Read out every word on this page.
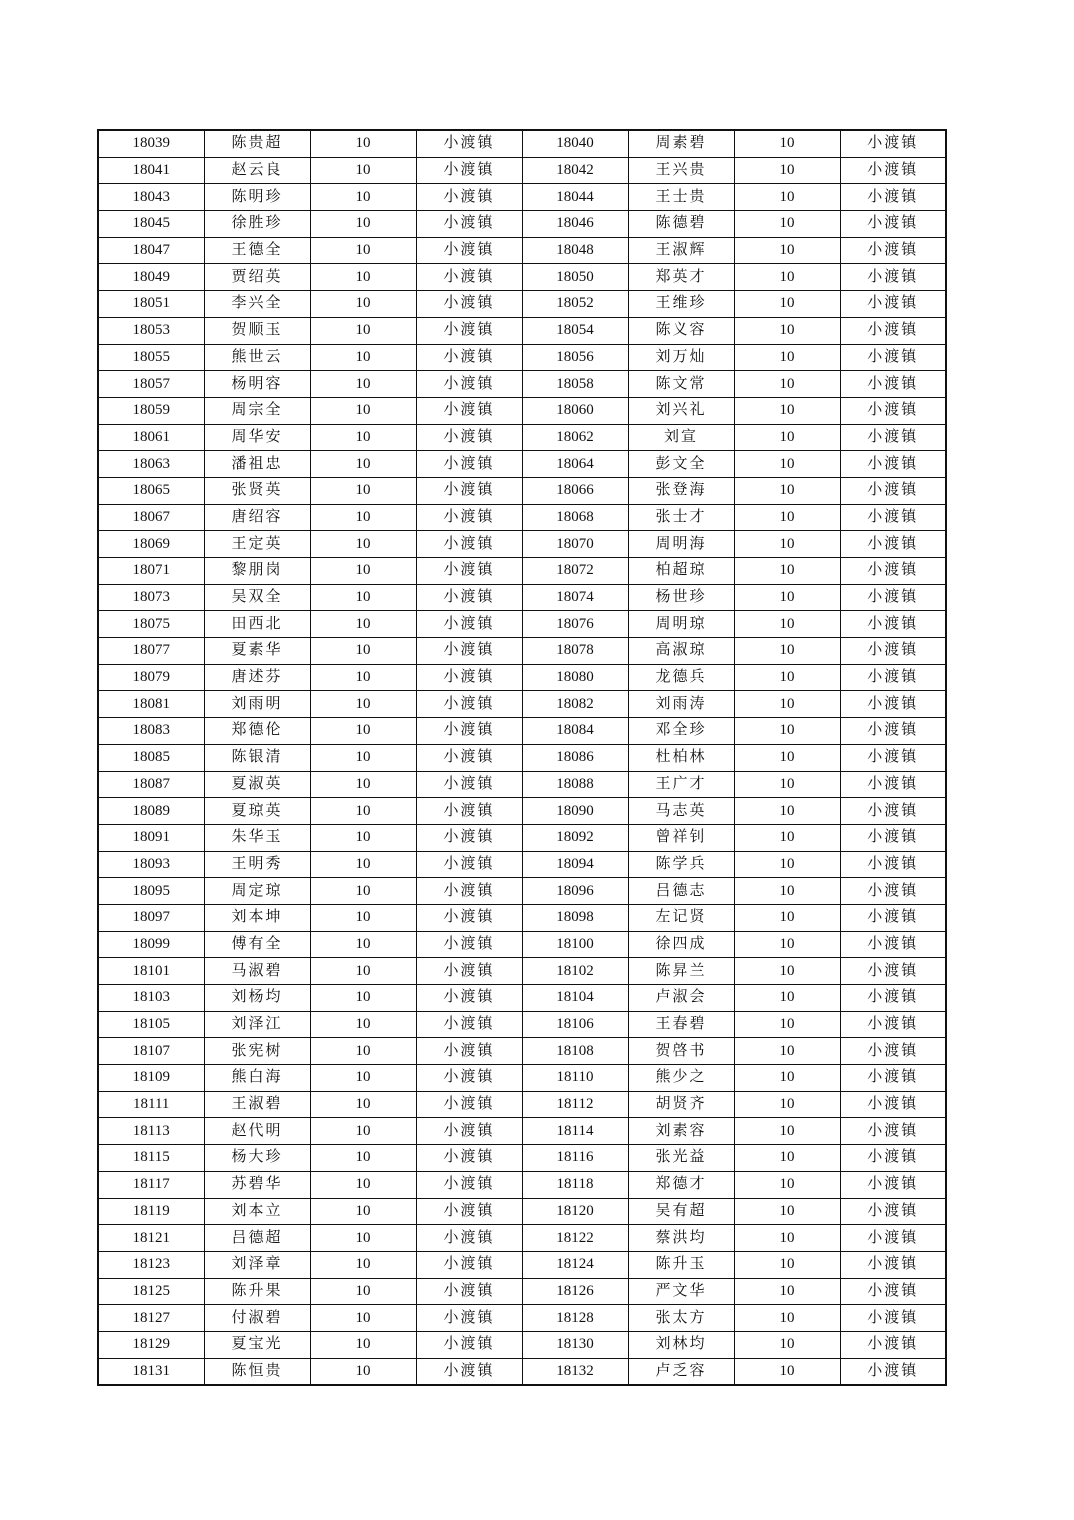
18039	陈贵超	10	小渡镇	18040	周素碧	10	小渡镇
18041	赵云良	10	小渡镇	18042	王兴贵	10	小渡镇
18043	陈明珍	10	小渡镇	18044	王士贵	10	小渡镇
18045	徐胜珍	10	小渡镇	18046	陈德碧	10	小渡镇
18047	王德全	10	小渡镇	18048	王淑辉	10	小渡镇
18049	贾绍英	10	小渡镇	18050	郑英才	10	小渡镇
18051	李兴全	10	小渡镇	18052	王维珍	10	小渡镇
18053	贺顺玉	10	小渡镇	18054	陈义容	10	小渡镇
18055	熊世云	10	小渡镇	18056	刘万灿	10	小渡镇
18057	杨明容	10	小渡镇	18058	陈文常	10	小渡镇
18059	周宗全	10	小渡镇	18060	刘兴礼	10	小渡镇
18061	周华安	10	小渡镇	18062	刘宣	10	小渡镇
18063	潘祖忠	10	小渡镇	18064	彭文全	10	小渡镇
18065	张贤英	10	小渡镇	18066	张登海	10	小渡镇
18067	唐绍容	10	小渡镇	18068	张士才	10	小渡镇
18069	王定英	10	小渡镇	18070	周明海	10	小渡镇
18071	黎朋岗	10	小渡镇	18072	柏超琼	10	小渡镇
18073	吴双全	10	小渡镇	18074	杨世珍	10	小渡镇
18075	田西北	10	小渡镇	18076	周明琼	10	小渡镇
18077	夏素华	10	小渡镇	18078	高淑琼	10	小渡镇
18079	唐述芬	10	小渡镇	18080	龙德兵	10	小渡镇
18081	刘雨明	10	小渡镇	18082	刘雨涛	10	小渡镇
18083	郑德伦	10	小渡镇	18084	邓全珍	10	小渡镇
18085	陈银清	10	小渡镇	18086	杜柏林	10	小渡镇
18087	夏淑英	10	小渡镇	18088	王广才	10	小渡镇
18089	夏琼英	10	小渡镇	18090	马志英	10	小渡镇
18091	朱华玉	10	小渡镇	18092	曾祥钊	10	小渡镇
18093	王明秀	10	小渡镇	18094	陈学兵	10	小渡镇
18095	周定琼	10	小渡镇	18096	吕德志	10	小渡镇
18097	刘本坤	10	小渡镇	18098	左记贤	10	小渡镇
18099	傅有全	10	小渡镇	18100	徐四成	10	小渡镇
18101	马淑碧	10	小渡镇	18102	陈昇兰	10	小渡镇
18103	刘杨均	10	小渡镇	18104	卢淑会	10	小渡镇
18105	刘泽江	10	小渡镇	18106	王春碧	10	小渡镇
18107	张宪树	10	小渡镇	18108	贺啓书	10	小渡镇
18109	熊白海	10	小渡镇	18110	熊少之	10	小渡镇
18111	王淑碧	10	小渡镇	18112	胡贤齐	10	小渡镇
18113	赵代明	10	小渡镇	18114	刘素容	10	小渡镇
18115	杨大珍	10	小渡镇	18116	张光益	10	小渡镇
18117	苏碧华	10	小渡镇	18118	郑德才	10	小渡镇
18119	刘本立	10	小渡镇	18120	吴有超	10	小渡镇
18121	吕德超	10	小渡镇	18122	蔡洪均	10	小渡镇
18123	刘泽章	10	小渡镇	18124	陈升玉	10	小渡镇
18125	陈升果	10	小渡镇	18126	严文华	10	小渡镇
18127	付淑碧	10	小渡镇	18128	张太方	10	小渡镇
18129	夏宝光	10	小渡镇	18130	刘林均	10	小渡镇
18131	陈恒贵	10	小渡镇	18132	卢乏容	10	小渡镇
